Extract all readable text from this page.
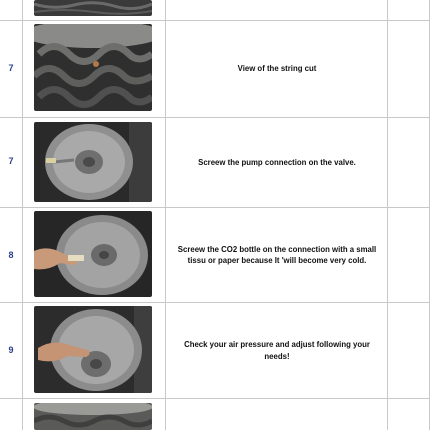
7	View of the string cut
7	Screew the pump connection on the valve.
8
Screew the CO2 bottle on the connection with a small tissu or paper because It 'will become very cold.
9
Check your air pressure and adjust following your needs!
